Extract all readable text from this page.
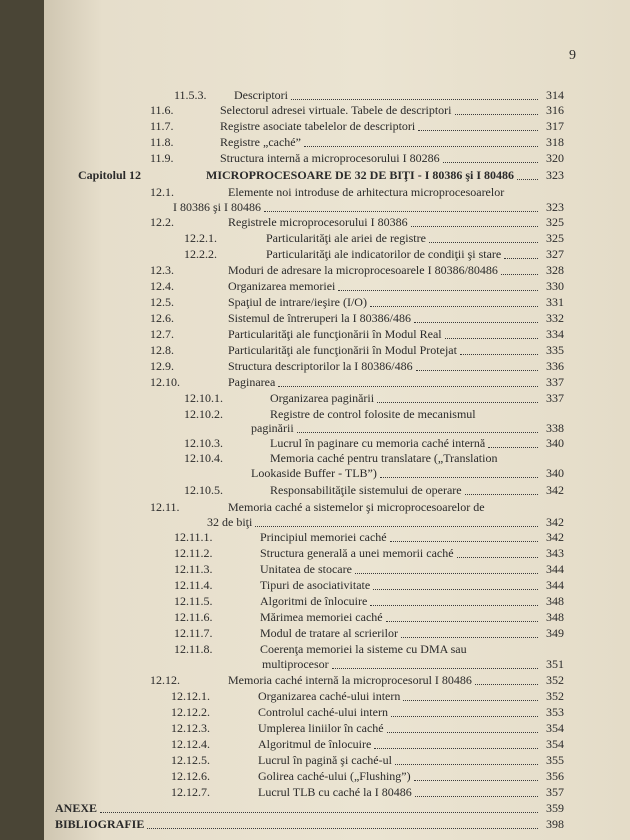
9
11.5.3. Descriptori	314
11.6.	Selectorul adresei virtuale. Tabele de descriptori	316
11.7.	Registre asociate tabelelor de descriptori	317
11.8.	Registre „caché”	318
11.9.	Structura internă a microprocesorului I 80286	320
Capitolul 12	MICROPROCESOARE DE 32 DE BIŢI - I 80386 şi I 80486	323
12.1.	Elemente noi introduse de arhitectura microprocesoarelor
I 80386 şi I 80486	323
12.2.	Registrele microprocesorului I 80386	325
12.2.1.	Particularităţi ale ariei de registre	325
12.2.2.	Particularităţi ale indicatorilor de condiţii şi stare	327
12.3.	Moduri de adresare la microprocesoarele I 80386/80486	328
12.4.	Organizarea memoriei	330
12.5.	Spaţiul de intrare/ieşire (I/O)	331
12.6.	Sistemul de întreruperi la I 80386/486	332
12.7.	Particularităţi ale funcţionării în Modul Real	334
12.8.	Particularităţi ale funcţionării în Modul Protejat	335
12.9.	Structura descriptorilor la I 80386/486	336
12.10.	Paginarea	337
12.10.1.	Organizarea paginării	337
12.10.2.	Registre de control folosite de mecanismul
paginării	338
12.10.3.	Lucrul în paginare cu memoria caché internă	340
12.10.4.	Memoria caché pentru translatare („Translation
Lookaside Buffer - TLB”)	340
12.10.5.	Responsabilităţile sistemului de operare	342
12.11.	Memoria caché a sistemelor şi microprocesoarelor de
32 de biţi	342
12.11.1.	Principiul memoriei caché	342
12.11.2.	Structura generală a unei memorii caché	343
12.11.3.	Unitatea de stocare	344
12.11.4.	Tipuri de asociativitate	344
12.11.5.	Algoritmi de înlocuire	348
12.11.6.	Mărimea memoriei caché	348
12.11.7.	Modul de tratare al scrierilor	349
12.11.8.	Coerenţa memoriei la sisteme cu DMA sau
multiprocesor	351
12.12.	Memoria caché internă la microprocesorul I 80486	352
12.12.1.	Organizarea caché-ului intern	352
12.12.2.	Controlul caché-ului intern	353
12.12.3.	Umplerea liniilor în caché	354
12.12.4.	Algoritmul de înlocuire	354
12.12.5.	Lucrul în pagină şi caché-ul	355
12.12.6.	Golirea caché-ului („Flushing”)	356
12.12.7.	Lucrul TLB cu caché la I 80486	357
ANEXE	359
BIBLIOGRAFIE	398
